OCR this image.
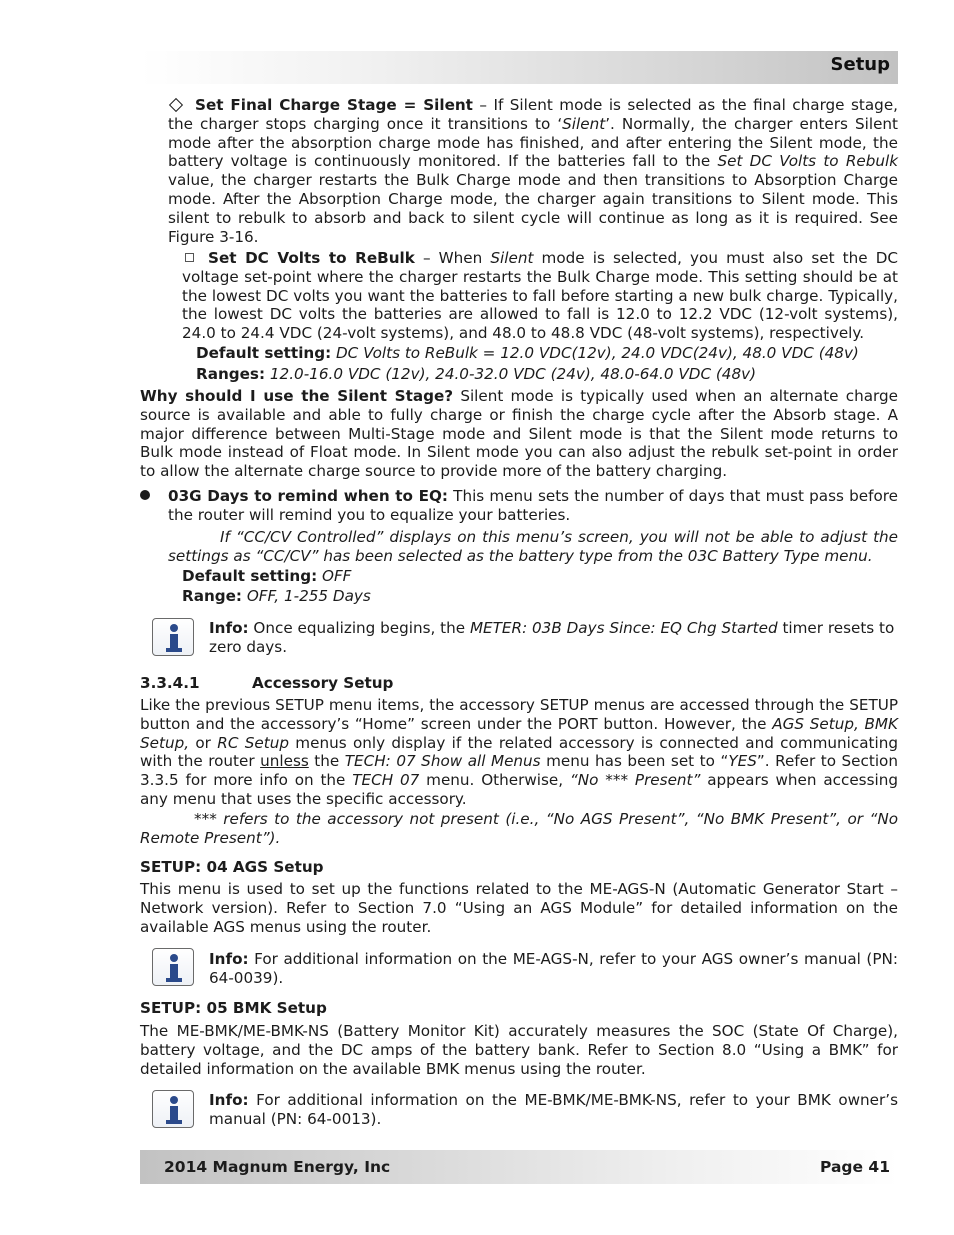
Setup
Set Final Charge Stage = Silent – If Silent mode is selected as the final charge stage, the charger stops charging once it transitions to ‘Silent’. Normally, the charger enters Silent mode after the absorption charge mode has finished, and after entering the Silent mode, the battery voltage is continuously monitored. If the batteries fall to the Set DC Volts to Rebulk value, the charger restarts the Bulk Charge mode and then transitions to Absorption Charge mode. After the Absorption Charge mode, the charger again transitions to Silent mode. This silent to rebulk to absorb and back to silent cycle will continue as long as it is required. See Figure 3-16.
Set DC Volts to ReBulk – When Silent mode is selected, you must also set the DC voltage set-point where the charger restarts the Bulk Charge mode. This setting should be at the lowest DC volts you want the batteries to fall before starting a new bulk charge. Typically, the lowest DC volts the batteries are allowed to fall is 12.0 to 12.2 VDC (12-volt systems), 24.0 to 24.4 VDC (24-volt systems), and 48.0 to 48.8 VDC (48-volt systems), respectively.
Default setting: DC Volts to ReBulk = 12.0 VDC(12v), 24.0 VDC(24v), 48.0 VDC (48v)
Ranges: 12.0-16.0 VDC (12v), 24.0-32.0 VDC (24v), 48.0-64.0 VDC (48v)
Why should I use the Silent Stage? Silent mode is typically used when an alternate charge source is available and able to fully charge or finish the charge cycle after the Absorb stage. A major difference between Multi-Stage mode and Silent mode is that the Silent mode returns to Bulk mode instead of Float mode. In Silent mode you can also adjust the rebulk set-point in order to allow the alternate charge source to provide more of the battery charging.
03G Days to remind when to EQ: This menu sets the number of days that must pass before the router will remind you to equalize your batteries.
If “CC/CV Controlled” displays on this menu’s screen, you will not be able to adjust the settings as “CC/CV” has been selected as the battery type from the 03C Battery Type menu.
Default setting: OFF
Range: OFF, 1-255 Days
Info: Once equalizing begins, the METER: 03B Days Since: EQ Chg Started timer resets to zero days.
3.3.4.1	Accessory Setup
Like the previous SETUP menu items, the accessory SETUP menus are accessed through the SETUP button and the accessory’s “Home” screen under the PORT button. However, the AGS Setup, BMK Setup, or RC Setup menus only display if the related accessory is connected and communicating with the router unless the TECH: 07 Show all Menus menu has been set to “YES”. Refer to Section 3.3.5 for more info on the TECH 07 menu. Otherwise, “No *** Present” appears when accessing any menu that uses the specific accessory.
*** refers to the accessory not present (i.e., “No AGS Present”, “No BMK Present”, or “No Remote Present”).
SETUP: 04 AGS Setup
This menu is used to set up the functions related to the ME-AGS-N (Automatic Generator Start – Network version). Refer to Section 7.0 “Using an AGS Module” for detailed information on the available AGS menus using the router.
Info: For additional information on the ME-AGS-N, refer to your AGS owner’s manual (PN: 64-0039).
SETUP: 05 BMK Setup
The ME-BMK/ME-BMK-NS (Battery Monitor Kit) accurately measures the SOC (State Of Charge), battery voltage, and the DC amps of the battery bank. Refer to Section 8.0 “Using a BMK” for detailed information on the available BMK menus using the router.
Info: For additional information on the ME-BMK/ME-BMK-NS, refer to your BMK owner’s manual (PN: 64-0013).
2014 Magnum Energy, Inc	Page 41
